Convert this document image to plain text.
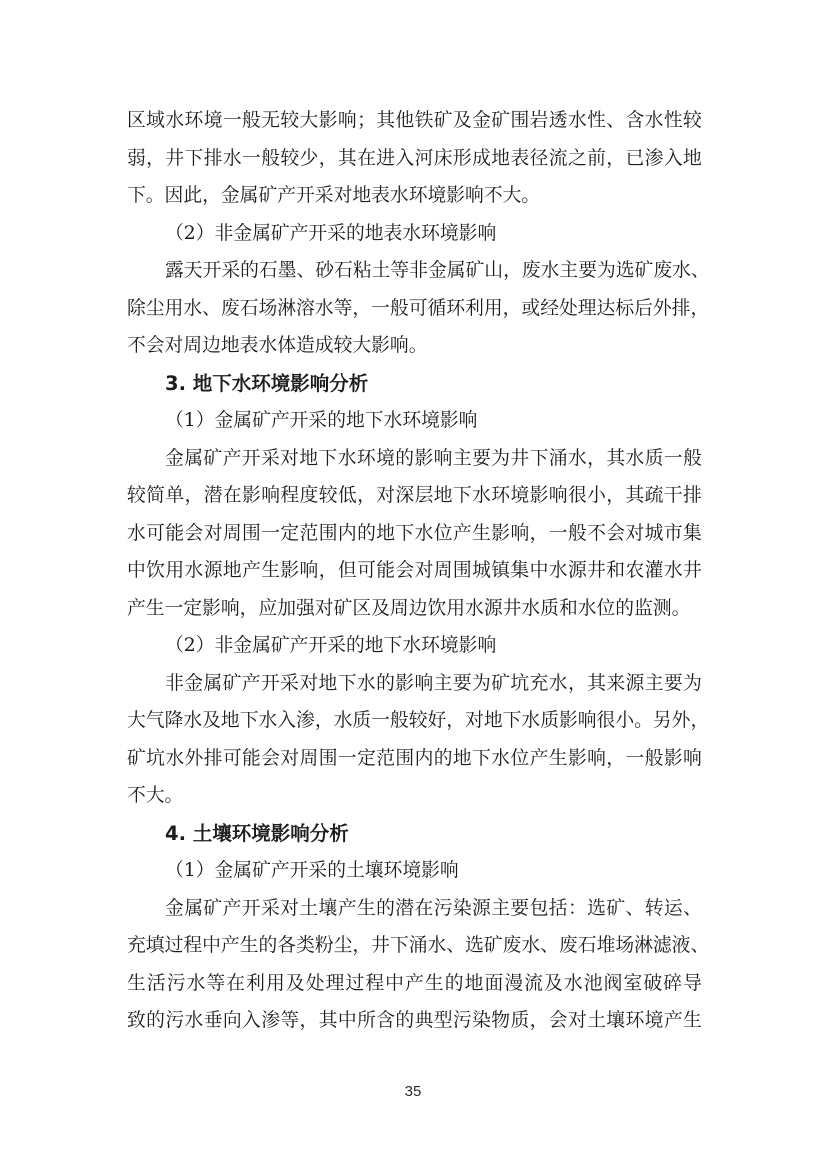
区 域 水 环 境 一 般 无 较 大 影 响 ； 其 他 铁 矿 及 金 矿 围 岩 透 水 性 、 含 水 性 较
弱 ， 井 下 排 水 一 般 较 少 ， 其 在 进 入 河 床 形 成 地 表 径 流 之 前 ， 已 渗 入 地
下。因此，金属矿产开采对地表水环境影响不大。
（2）非金属矿产开采的地表水环境影响
露 天 开 采 的 石 墨 、 砂 石 粘 土 等 非 金 属 矿 山 ， 废 水 主 要 为 选 矿 废 水 、
除 尘 用 水 、 废 石 场 淋 溶 水 等 ， 一 般 可 循 环 利 用 ， 或 经 处 理 达 标 后 外 排 ，
不会对周边地表水体造成较大影响。
3. 地下水环境影响分析
（1）金属矿产开采的地下水环境影响
金 属 矿 产 开 采 对 地 下 水 环 境 的 影 响 主 要 为 井 下 涌 水 ， 其 水 质 一 般
较 简 单 ， 潜 在 影 响 程 度 较 低 ， 对 深 层 地 下 水 环 境 影 响 很 小 ， 其 疏 干 排
水 可 能 会 对 周 围 一 定 范 围 内 的 地 下 水 位 产 生 影 响 ， 一 般 不 会 对 城 市 集
中 饮 用 水 源 地 产 生 影 响 ， 但 可 能 会 对 周 围 城 镇 集 中 水 源 井 和 农 灌 水 井
产生一定影响，应加强对矿区及周边饮用水源井水质和水位的监测。
（2）非金属矿产开采的地下水环境影响
非 金 属 矿 产 开 采 对 地 下 水 的 影 响 主 要 为 矿 坑 充 水 ， 其 来 源 主 要 为
大 气 降 水 及 地 下 水 入 渗 ， 水 质 一 般 较 好 ， 对 地 下 水 质 影 响 很 小 。 另 外 ，
矿 坑 水 外 排 可 能 会 对 周 围 一 定 范 围 内 的 地 下 水 位 产 生 影 响 ， 一 般 影 响
不大。
4. 土壤环境影响分析
（1）金属矿产开采的土壤环境影响
金 属 矿 产 开 采 对 土 壤 产 生 的 潜 在 污 染 源 主 要 包 括 ： 选 矿 、 转 运 、
充 填 过 程 中 产 生 的 各 类 粉 尘 ， 井 下 涌 水 、 选 矿 废 水 、 废 石 堆 场 淋 滤 液 、
生 活 污 水 等 在 利 用 及 处 理 过 程 中 产 生 的 地 面 漫 流 及 水 池 阀 室 破 碎 导
致 的 污 水 垂 向 入 渗 等 ， 其 中 所 含 的 典 型 污 染 物 质 ， 会 对 土 壤 环 境 产 生
35
